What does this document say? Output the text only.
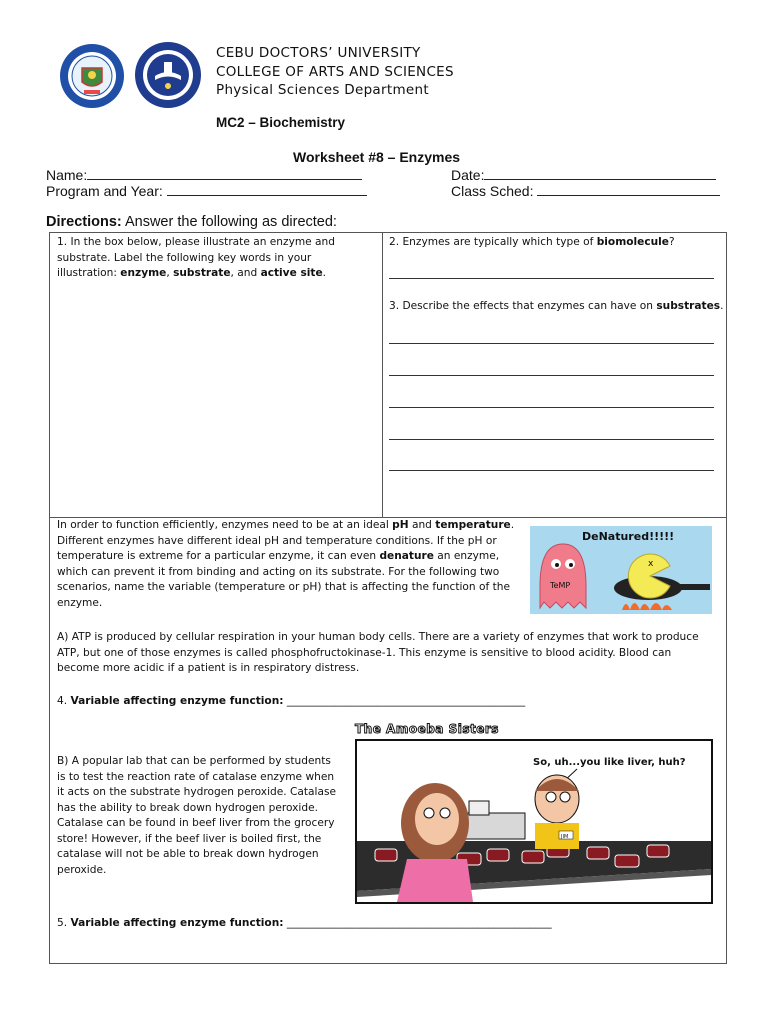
CEBU DOCTORS’ UNIVERSITY
COLLEGE OF ARTS AND SCIENCES
Physical Sciences Department
MC2 – Biochemistry
Worksheet #8 – Enzymes
Name:	Date:
Program and Year:	Class Sched:
Directions: Answer the following as directed:
1. In the box below, please illustrate an enzyme and
substrate. Label the following key words in your
illustration: enzyme, substrate, and active site.
2. Enzymes are typically which type of biomolecule?
3. Describe the effects that enzymes can have on substrates.
In order to function efficiently, enzymes need to be at an ideal pH and temperature.
Different enzymes have different ideal pH and temperature conditions. If the pH or
temperature is extreme for a particular enzyme, it can even denature an enzyme,
which can prevent it from binding and acting on its substrate. For the following two
scenarios, name the variable (temperature or pH) that is affecting the function of the
enzyme.
DeNatured!!!!!
TeMP
x
A) ATP is produced by cellular respiration in your human body cells. There are a variety of enzymes that work to produce
ATP, but one of those enzymes is called phosphofructokinase-1. This enzyme is sensitive to blood acidity. Blood can
become more acidic if a patient is in respiratory distress.
4. Variable affecting enzyme function: _____________________________________________
The Amoeba Sisters
So, uh...you like liver, huh?
JIM
B) A popular lab that can be performed by students
is to test the reaction rate of catalase enzyme when
it acts on the substrate hydrogen peroxide. Catalase
has the ability to break down hydrogen peroxide.
Catalase can be found in beef liver from the grocery
store! However, if the beef liver is boiled first, the
catalase will not be able to break down hydrogen
peroxide.
5. Variable affecting enzyme function: __________________________________________________
